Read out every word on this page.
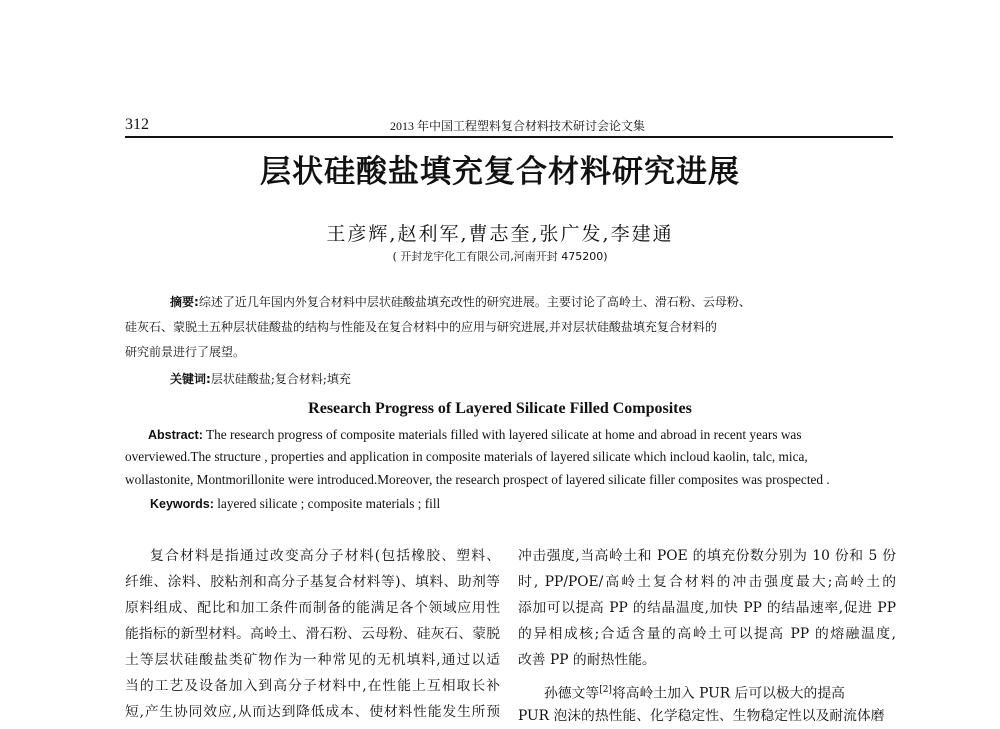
312	2013 年中国工程塑料复合材料技术研讨会论文集
层状硅酸盐填充复合材料研究进展
王彦辉,赵利军,曹志奎,张广发,李建通
( 开封龙宇化工有限公司,河南开封 475200)
摘要:综述了近几年国内外复合材料中层状硅酸盐填充改性的研究进展。主要讨论了高岭土、滑石粉、云母粉、
硅灰石、蒙脱土五种层状硅酸盐的结构与性能及在复合材料中的应用与研究进展,并对层状硅酸盐填充复合材料的
研究前景进行了展望。
关键词:层状硅酸盐;复合材料;填充
Research Progress of Layered Silicate Filled Composites
Abstract: The research progress of composite materials filled with layered silicate at home and abroad in recent years was
overviewed.The structure , properties and application in composite materials of layered silicate which incloud kaolin, talc, mica,
wollastonite, Montmorillonite were introduced.Moreover, the research prospect of layered silicate filler composites was prospected .
Keywords: layered silicate ; composite materials ; fill
复合材料是指通过改变高分子材料(包括橡胶、塑料、
纤维、涂料、胶粘剂和高分子基复合材料等)、填料、助剂等
原料组成、配比和加工条件而制备的能满足各个领域应用性
能指标的新型材料。高岭土、滑石粉、云母粉、硅灰石、蒙脱
土等层状硅酸盐类矿物作为一种常见的无机填料,通过以适
当的工艺及设备加入到高分子材料中,在性能上互相取长补
短,产生协同效应,从而达到降低成本、使材料性能发生所预
冲击强度,当高岭土和 POE 的填充份数分别为 10 份和 5 份
时, PP/POE/高岭土复合材料的冲击强度最大;高岭土的
添加可以提高 PP 的结晶温度,加快 PP 的结晶速率,促进 PP
的异相成核;合适含量的高岭土可以提高 PP 的熔融温度,
改善 PP 的耐热性能。
孙德文等[2]将高岭土加入 PUR 后可以极大的提高
PUR 泡沫的热性能、化学稳定性、生物稳定性以及耐流体磨
